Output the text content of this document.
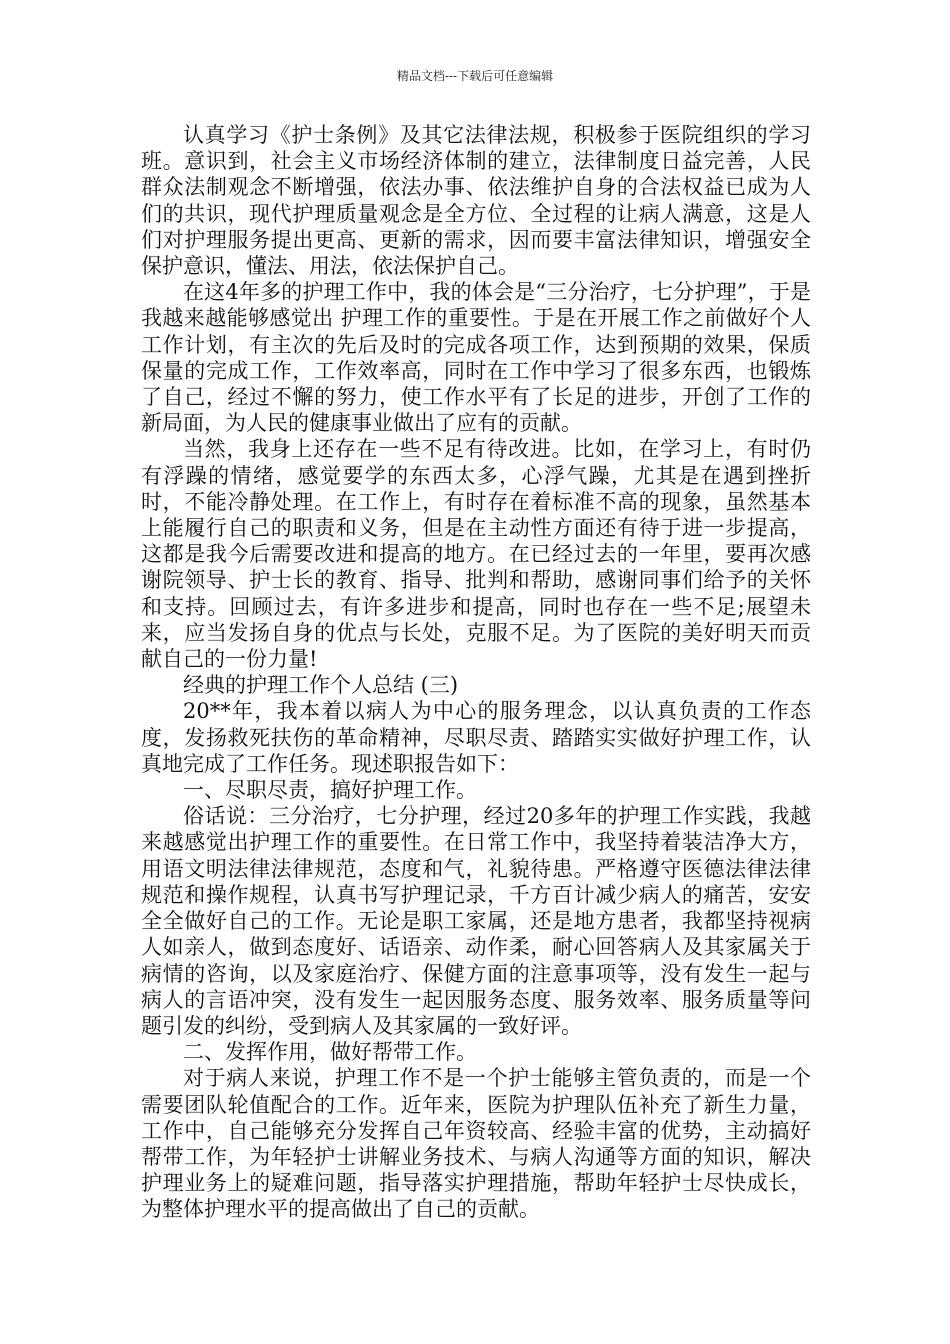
精品文档---下载后可任意编辑

认真学习《护士条例》及其它法律法规，积极参于医院组织的学习班。意识到，社会主义市场经济体制的建立，法律制度日益完善，人民群众法制观念不断增强，依法办事、依法维护自身的合法权益已成为人们的共识，现代护理质量观念是全方位、全过程的让病人满意，这是人们对护理服务提出更高、更新的需求，因而要丰富法律知识，增强安全保护意识，懂法、用法，依法保护自己。

在这4年多的护理工作中，我的体会是“三分治疗，七分护理”，于是我越来越能够感觉出 护理工作的重要性。于是在开展工作之前做好个人工作计划，有主次的先后及时的完成各项工作，达到预期的效果，保质保量的完成工作，工作效率高，同时在工作中学习了很多东西，也锻炼了自己，经过不懈的努力，使工作水平有了长足的进步，开创了工作的新局面，为人民的健康事业做出了应有的贡献。

当然，我身上还存在一些不足有待改进。比如，在学习上，有时仍有浮躁的情绪，感觉要学的东西太多，心浮气躁，尤其是在遇到挫折时，不能冷静处理。在工作上，有时存在着标准不高的现象，虽然基本上能履行自己的职责和义务，但是在主动性方面还有待于进一步提高，这都是我今后需要改进和提高的地方。在已经过去的一年里，要再次感谢院领导、护士长的教育、指导、批判和帮助，感谢同事们给予的关怀和支持。回顾过去，有许多进步和提高，同时也存在一些不足;展望未来，应当发扬自身的优点与长处，克服不足。为了医院的美好明天而贡献自己的一份力量!

经典的护理工作个人总结 (三)

20**年，我本着以病人为中心的服务理念，以认真负责的工作态度，发扬救死扶伤的革命精神，尽职尽责、踏踏实实做好护理工作，认真地完成了工作任务。现述职报告如下：

一、尽职尽责，搞好护理工作。

俗话说：三分治疗，七分护理，经过20多年的护理工作实践，我越来越感觉出护理工作的重要性。在日常工作中，我坚持着装洁净大方，用语文明法律法律规范，态度和气，礼貌待患。严格遵守医德法律法律规范和操作规程，认真书写护理记录，千方百计减少病人的痛苦，安安全全做好自己的工作。无论是职工家属，还是地方患者，我都坚持视病人如亲人，做到态度好、话语亲、动作柔，耐心回答病人及其家属关于病情的咨询，以及家庭治疗、保健方面的注意事项等，没有发生一起与病人的言语冲突，没有发生一起因服务态度、服务效率、服务质量等问题引发的纠纷，受到病人及其家属的一致好评。

二、发挥作用，做好帮带工作。

对于病人来说，护理工作不是一个护士能够主管负责的，而是一个需要团队轮值配合的工作。近年来，医院为护理队伍补充了新生力量，工作中，自己能够充分发挥自己年资较高、经验丰富的优势，主动搞好帮带工作，为年轻护士讲解业务技术、与病人沟通等方面的知识，解决护理业务上的疑难问题，指导落实护理措施，帮助年轻护士尽快成长，为整体护理水平的提高做出了自己的贡献。
